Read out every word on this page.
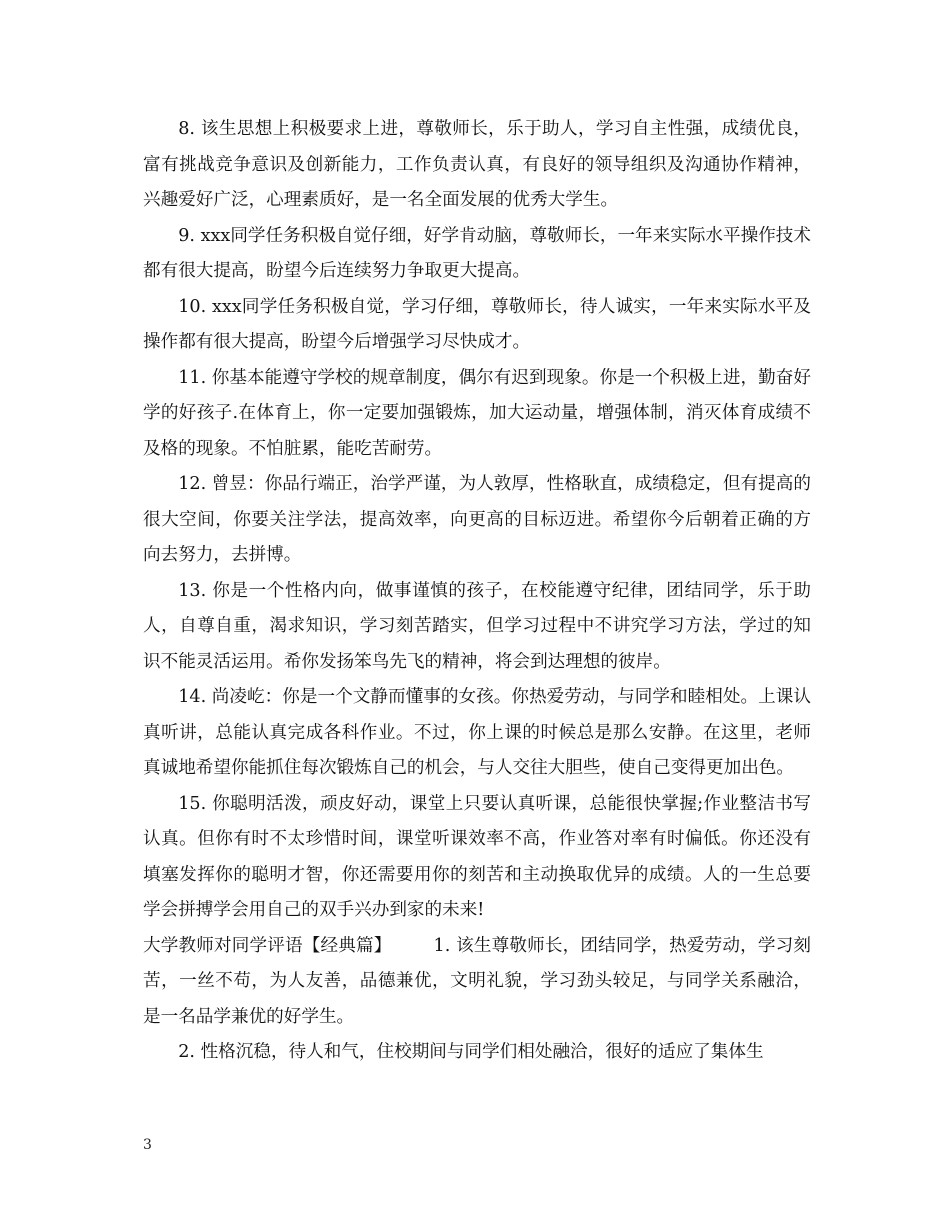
8. 该生思想上积极要求上进，尊敬师长，乐于助人，学习自主性强，成绩优良，富有挑战竞争意识及创新能力，工作负责认真，有良好的领导组织及沟通协作精神，兴趣爱好广泛，心理素质好，是一名全面发展的优秀大学生。

9. xxx同学任务积极自觉仔细，好学肯动脑，尊敬师长，一年来实际水平操作技术都有很大提高，盼望今后连续努力争取更大提高。

10. xxx同学任务积极自觉，学习仔细，尊敬师长，待人诚实，一年来实际水平及操作都有很大提高，盼望今后增强学习尽快成才。

11. 你基本能遵守学校的规章制度，偶尔有迟到现象。你是一个积极上进，勤奋好学的好孩子.在体育上，你一定要加强锻炼，加大运动量，增强体制，消灭体育成绩不及格的现象。不怕脏累，能吃苦耐劳。

12. 曾昱：你品行端正，治学严谨，为人敦厚，性格耿直，成绩稳定，但有提高的很大空间，你要关注学法，提高效率，向更高的目标迈进。希望你今后朝着正确的方向去努力，去拼博。

13. 你是一个性格内向，做事谨慎的孩子，在校能遵守纪律，团结同学，乐于助人，自尊自重，渴求知识，学习刻苦踏实，但学习过程中不讲究学习方法，学过的知识不能灵活运用。希你发扬笨鸟先飞的精神，将会到达理想的彼岸。

14. 尚凌屹：你是一个文静而懂事的女孩。你热爱劳动，与同学和睦相处。上课认真听讲，总能认真完成各科作业。不过，你上课的时候总是那么安静。在这里，老师真诚地希望你能抓住每次锻炼自己的机会，与人交往大胆些，使自己变得更加出色。

15. 你聪明活泼，顽皮好动，课堂上只要认真听课，总能很快掌握;作业整洁书写认真。但你有时不太珍惜时间，课堂听课效率不高，作业答对率有时偏低。你还没有填塞发挥你的聪明才智，你还需要用你的刻苦和主动换取优异的成绩。人的一生总要学会拼搏学会用自己的双手兴办到家的未来!

大学教师对同学评语【经典篇】 1. 该生尊敬师长，团结同学，热爱劳动，学习刻苦，一丝不苟，为人友善，品德兼优，文明礼貌，学习劲头较足，与同学关系融洽，是一名品学兼优的好学生。

2. 性格沉稳，待人和气，住校期间与同学们相处融洽，很好的适应了集体生

3
